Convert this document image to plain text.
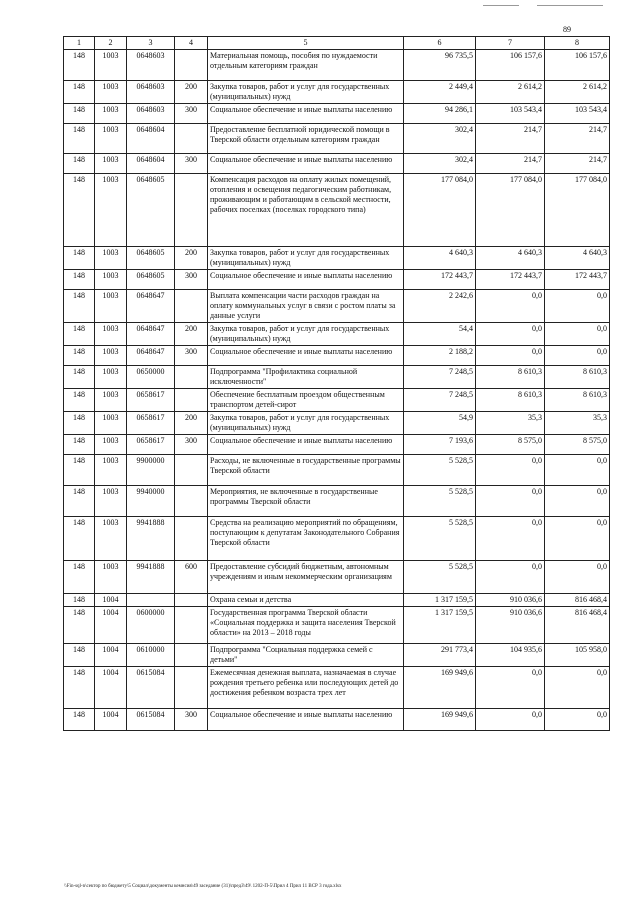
89
1	2	3	4	5	6	7	8
148	1003	0648603		Материальная помощь, пособия по нуждаемости отдельным категориям граждан	96 735,5	106 157,6	106 157,6
148	1003	0648603	200	Закупка товаров, работ и услуг для государственных (муниципальных) нужд	2 449,4	2 614,2	2 614,2
148	1003	0648603	300	Социальное обеспечение и иные выплаты населению	94 286,1	103 543,4	103 543,4
148	1003	0648604		Предоставление бесплатной юридической помощи в Тверской области отдельным категориям граждан	302,4	214,7	214,7
148	1003	0648604	300	Социальное обеспечение и иные выплаты населению	302,4	214,7	214,7
148	1003	0648605		Компенсация расходов на оплату жилых помещений, отопления и освещения педагогическим работникам, проживающим и работающим в сельской местности, рабочих поселках (поселках городского типа)	177 084,0	177 084,0	177 084,0
148	1003	0648605	200	Закупка товаров, работ и услуг для государственных (муниципальных) нужд	4 640,3	4 640,3	4 640,3
148	1003	0648605	300	Социальное обеспечение и иные выплаты населению	172 443,7	172 443,7	172 443,7
148	1003	0648647		Выплата компенсации части расходов граждан на оплату коммунальных услуг в связи с ростом платы за данные услуги	2 242,6	0,0	0,0
148	1003	0648647	200	Закупка товаров, работ и услуг для государственных (муниципальных) нужд	54,4	0,0	0,0
148	1003	0648647	300	Социальное обеспечение и иные выплаты населению	2 188,2	0,0	0,0
148	1003	0650000		Подпрограмма "Профилактика социальной исключенности"	7 248,5	8 610,3	8 610,3
148	1003	0658617		Обеспечение бесплатным проездом общественным транспортом детей-сирот	7 248,5	8 610,3	8 610,3
148	1003	0658617	200	Закупка товаров, работ и услуг для государственных (муниципальных) нужд	54,9	35,3	35,3
148	1003	0658617	300	Социальное обеспечение и иные выплаты населению	7 193,6	8 575,0	8 575,0
148	1003	9900000		Расходы, не включенные в государственные программы Тверской области	5 528,5	0,0	0,0
148	1003	9940000		Мероприятия, не включенные в государственные программы Тверской области	5 528,5	0,0	0,0
148	1003	9941888		Средства на реализацию мероприятий по обращениям, поступающим к депутатам Законодательного Собрания Тверской области	5 528,5	0,0	0,0
148	1003	9941888	600	Предоставление субсидий бюджетным, автономным учреждениям и иным некоммерческим организациям	5 528,5	0,0	0,0
148	1004			Охрана семьи и детства	1 317 159,5	910 036,6	816 468,4
148	1004	0600000		Государственная программа Тверской области «Социальная поддержка и защита населения Тверской области» на 2013 – 2018 годы	1 317 159,5	910 036,6	816 468,4
148	1004	0610000		Подпрограмма "Социальная поддержка семей с детьми"	291 773,4	104 935,6	105 958,0
148	1004	0615084		Ежемесячная денежная выплата, назначаемая в случае рождения третьего ребенка или последующих детей до достижения ребенком возраста трех лет	169 949,6	0,0	0,0
148	1004	0615084	300	Социальное обеспечение и иные выплаты населению	169 949,6	0,0	0,0
\\Fin-sql-n\сектор по бюджету\5 Социал\документы кемнсия\49 заседание (31)\предЗ\49\ 1202-П-5\Прил 4 Прил 11 ВСР 3 года.xlsx
